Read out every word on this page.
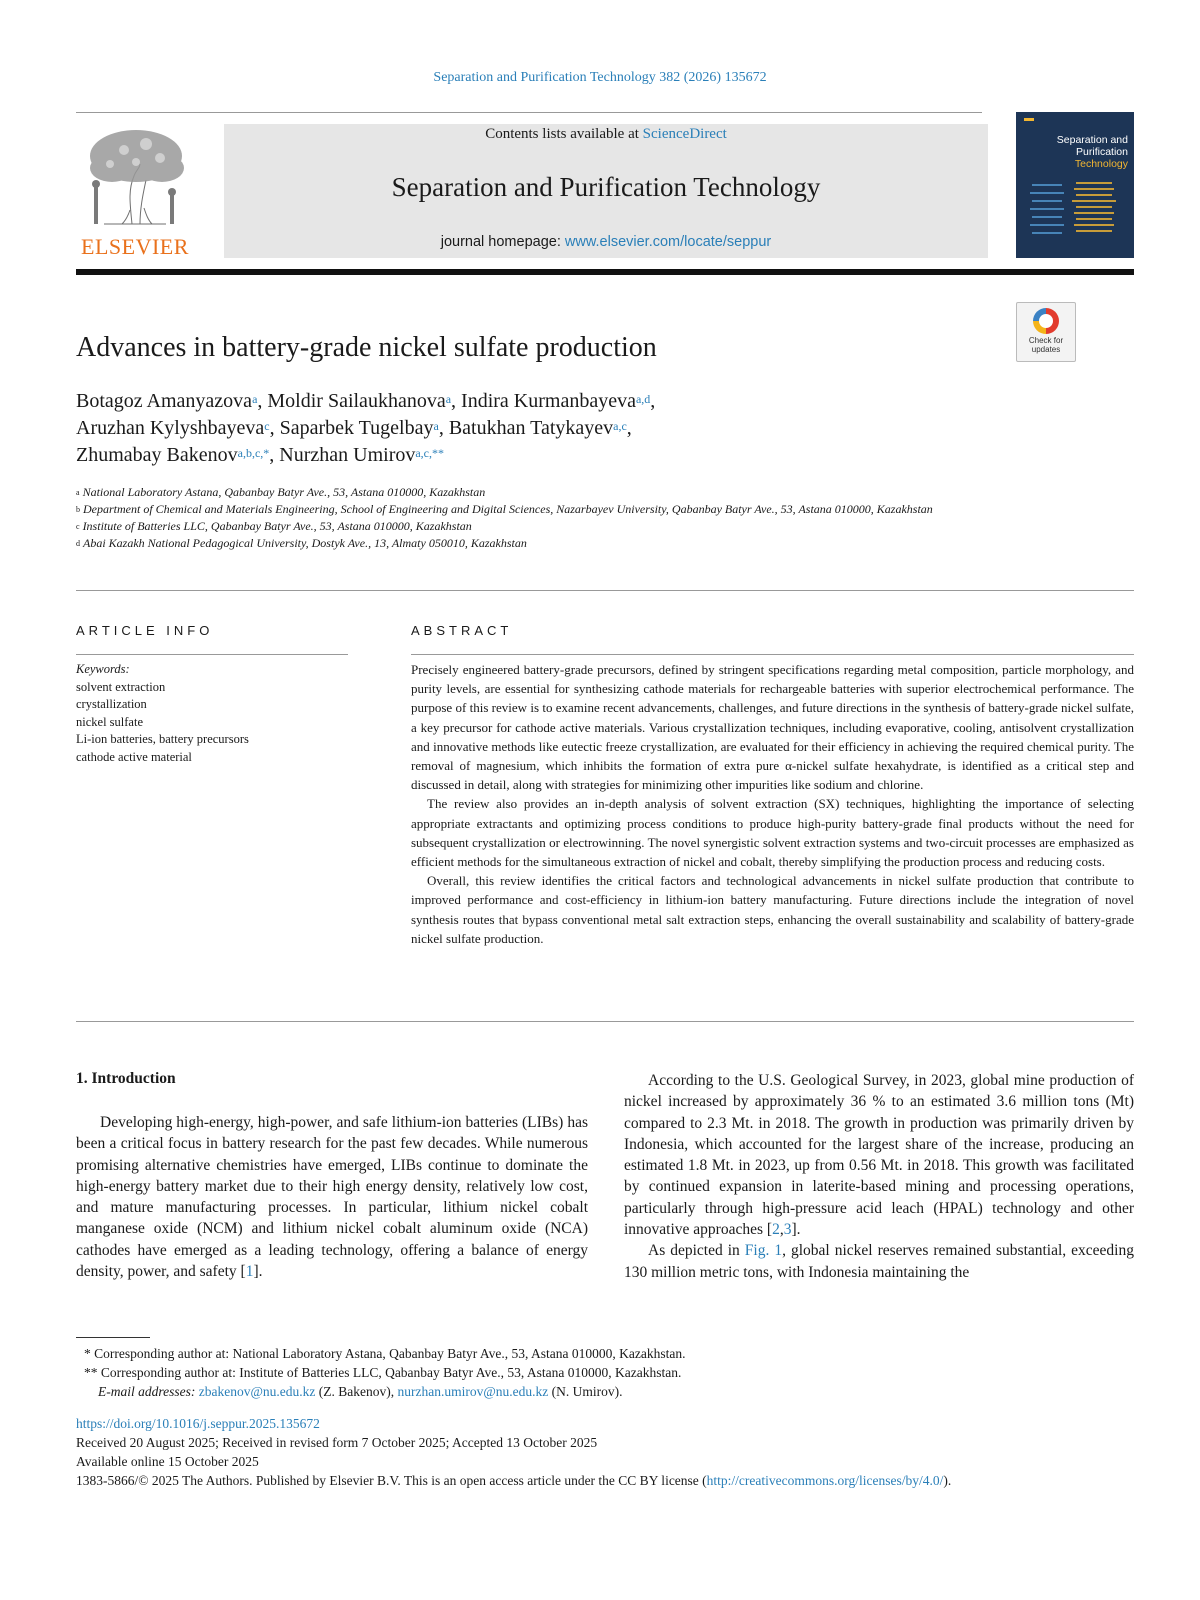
Separation and Purification Technology 382 (2026) 135672
ELSEVIER
Contents lists available at ScienceDirect
Separation and Purification Technology
journal homepage: www.elsevier.com/locate/seppur
Separation and
Purification
Technology
Check for updates
Advances in battery-grade nickel sulfate production
Botagoz Amanyazova$^a$, Moldir Sailaukhanova$^a$, Indira Kurmanbayeva$^{a,d}$,
Aruzhan Kylyshbayeva$^c$, Saparbek Tugelbay$^a$, Batukhan Tatykayev$^{a,c}$,
Zhumabay Bakenov$^{a,b,c,*}$, Nurzhan Umirov$^{a,c,**}$
$^a$ National Laboratory Astana, Qabanbay Batyr Ave., 53, Astana 010000, Kazakhstan
$^b$ Department of Chemical and Materials Engineering, School of Engineering and Digital Sciences, Nazarbayev University, Qabanbay Batyr Ave., 53, Astana 010000, Kazakhstan
$^c$ Institute of Batteries LLC, Qabanbay Batyr Ave., 53, Astana 010000, Kazakhstan
$^d$ Abai Kazakh National Pedagogical University, Dostyk Ave., 13, Almaty 050010, Kazakhstan
ARTICLE INFO	ABSTRACT
Keywords:
solvent extraction
crystallization
nickel sulfate
Li-ion batteries, battery precursors
cathode active material

Precisely engineered battery-grade precursors, defined by stringent specifications regarding metal composition, particle morphology, and purity levels, are essential for synthesizing cathode materials for rechargeable batteries with superior electrochemical performance. The purpose of this review is to examine recent advancements, challenges, and future directions in the synthesis of battery-grade nickel sulfate, a key precursor for cathode active materials. Various crystallization techniques, including evaporative, cooling, antisolvent crystallization and innovative methods like eutectic freeze crystallization, are evaluated for their efficiency in achieving the required chemical purity. The removal of magnesium, which inhibits the formation of extra pure α-nickel sulfate hexahydrate, is identified as a critical step and discussed in detail, along with strategies for minimizing other impurities like sodium and chlorine.

The review also provides an in-depth analysis of solvent extraction (SX) techniques, highlighting the importance of selecting appropriate extractants and optimizing process conditions to produce high-purity battery-grade final products without the need for subsequent crystallization or electrowinning. The novel synergistic solvent extraction systems and two-circuit processes are emphasized as efficient methods for the simultaneous extraction of nickel and cobalt, thereby simplifying the production process and reducing costs.

Overall, this review identifies the critical factors and technological advancements in nickel sulfate production that contribute to improved performance and cost-efficiency in lithium-ion battery manufacturing. Future directions include the integration of novel synthesis routes that bypass conventional metal salt extraction steps, enhancing the overall sustainability and scalability of battery-grade nickel sulfate production.

1. Introduction

Developing high-energy, high-power, and safe lithium-ion batteries (LIBs) has been a critical focus in battery research for the past few decades. While numerous promising alternative chemistries have emerged, LIBs continue to dominate the high-energy battery market due to their high energy density, relatively low cost, and mature manufacturing processes. In particular, lithium nickel cobalt manganese oxide (NCM) and lithium nickel cobalt aluminum oxide (NCA) cathodes have emerged as a leading technology, offering a balance of energy density, power, and safety [1].

According to the U.S. Geological Survey, in 2023, global mine production of nickel increased by approximately 36 % to an estimated 3.6 million tons (Mt) compared to 2.3 Mt. in 2018. The growth in production was primarily driven by Indonesia, which accounted for the largest share of the increase, producing an estimated 1.8 Mt. in 2023, up from 0.56 Mt. in 2018. This growth was facilitated by continued expansion in laterite-based mining and processing operations, particularly through high-pressure acid leach (HPAL) technology and other innovative approaches [2,3].

As depicted in Fig. 1, global nickel reserves remained substantial, exceeding 130 million metric tons, with Indonesia maintaining the

* Corresponding author at: National Laboratory Astana, Qabanbay Batyr Ave., 53, Astana 010000, Kazakhstan.
** Corresponding author at: Institute of Batteries LLC, Qabanbay Batyr Ave., 53, Astana 010000, Kazakhstan.
E-mail addresses: zbakenov@nu.edu.kz (Z. Bakenov), nurzhan.umirov@nu.edu.kz (N. Umirov).
https://doi.org/10.1016/j.seppur.2025.135672
Received 20 August 2025; Received in revised form 7 October 2025; Accepted 13 October 2025
Available online 15 October 2025
1383-5866/© 2025 The Authors. Published by Elsevier B.V. This is an open access article under the CC BY license (http://creativecommons.org/licenses/by/4.0/).
